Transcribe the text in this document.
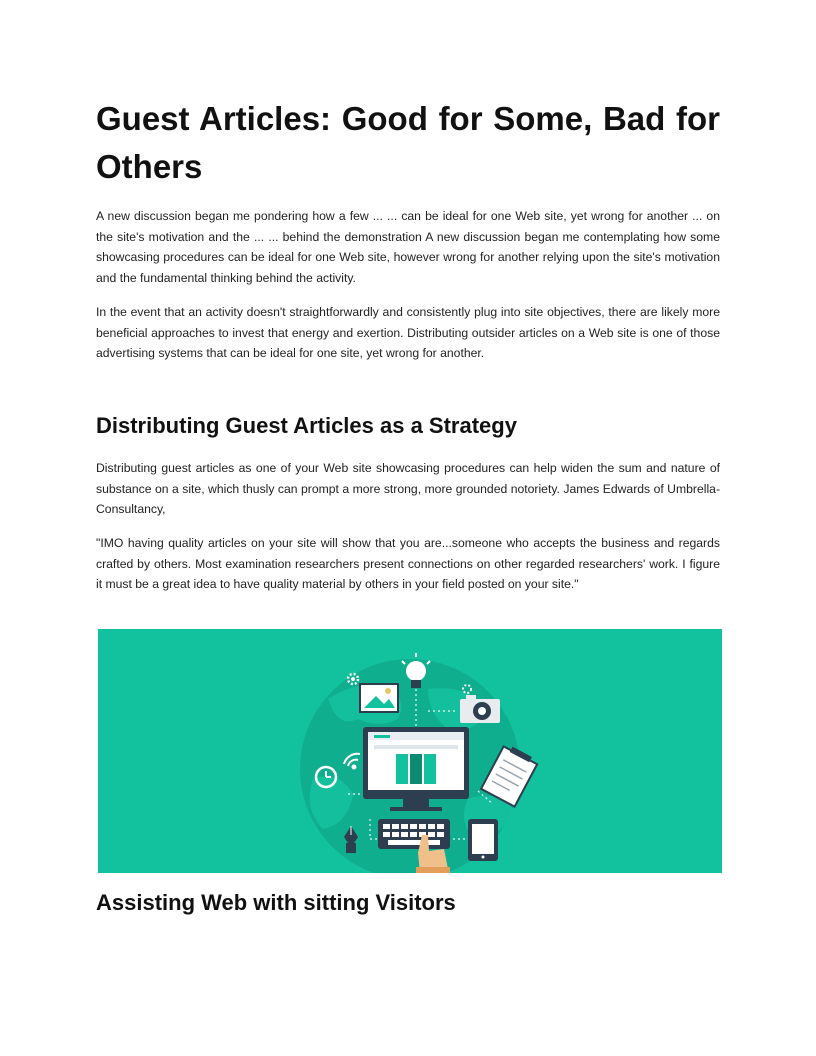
Guest Articles: Good for Some, Bad for Others

A new discussion began me pondering how a few ... ... can be ideal for one Web site, yet wrong for another ... on the site's motivation and the ... ... behind the demonstration A new discussion began me contemplating how some showcasing procedures can be ideal for one Web site, however wrong for another relying upon the site's motivation and the fundamental thinking behind the activity.

In the event that an activity doesn't straightforwardly and consistently plug into site objectives, there are likely more beneficial approaches to invest that energy and exertion. Distributing outsider articles on a Web site is one of those advertising systems that can be ideal for one site, yet wrong for another.

Distributing Guest Articles as a Strategy

Distributing guest articles as one of your Web site showcasing procedures can help widen the sum and nature of substance on a site, which thusly can prompt a more strong, more grounded notoriety. James Edwards of Umbrella-Consultancy,

"IMO having quality articles on your site will show that you are...someone who accepts the business and regards crafted by others. Most examination researchers present connections on other regarded researchers' work. I figure it must be a great idea to have quality material by others in your field posted on your site."

Assisting Web with sitting Visitors
